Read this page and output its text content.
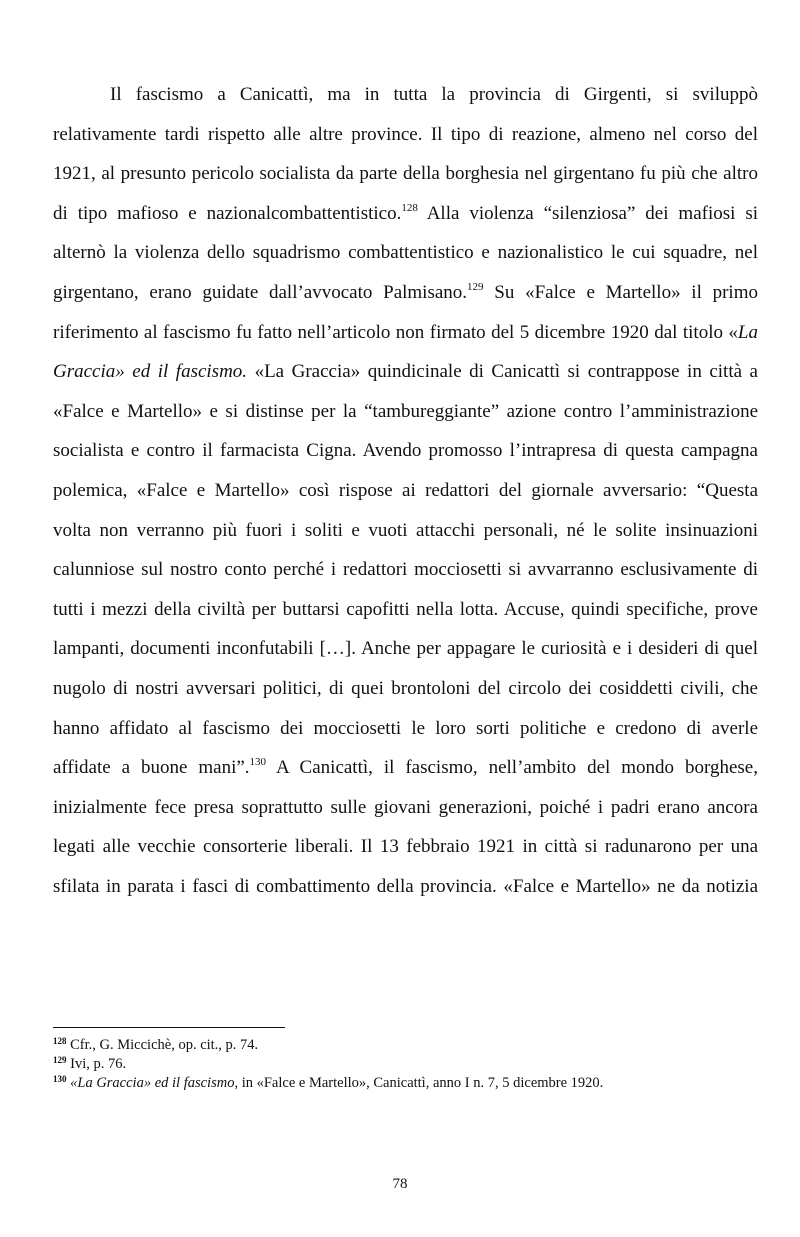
Il fascismo a Canicattì, ma in tutta la provincia di Girgenti, si sviluppò
relativamente tardi rispetto alle altre province. Il tipo di reazione, almeno nel corso del
1921, al presunto pericolo socialista da parte della borghesia nel girgentano fu più che altro
di tipo mafioso e nazionalcombattentistico.$^{128}$ Alla violenza “silenziosa” dei mafiosi si
alternò la violenza dello squadrismo combattentistico e nazionalistico le cui squadre, nel
girgentano, erano guidate dall’avvocato Palmisano.$^{129}$ Su «Falce e Martello» il primo
riferimento al fascismo fu fatto nell’articolo non firmato del 5 dicembre 1920 dal titolo «La
Graccia» ed il fascismo. «La Graccia» quindicinale di Canicattì si contrappose in città a
«Falce e Martello» e si distinse per la “tambureggiante” azione contro l’amministrazione
socialista e contro il farmacista Cigna. Avendo promosso l’intrapresa di questa campagna
polemica, «Falce e Martello» così rispose ai redattori del giornale avversario: “Questa
volta non verranno più fuori i soliti e vuoti attacchi personali, né le solite insinuazioni
calunniose sul nostro conto perché i redattori mocciosetti si avvarranno esclusivamente di
tutti i mezzi della civiltà per buttarsi capofitti nella lotta. Accuse, quindi specifiche, prove
lampanti, documenti inconfutabili […]. Anche per appagare le curiosità e i desideri di quel
nugolo di nostri avversari politici, di quei brontoloni del circolo dei cosiddetti civili, che
hanno affidato al fascismo dei mocciosetti le loro sorti politiche e credono di averle
affidate a buone mani”.$^{130}$ A Canicattì, il fascismo, nell’ambito del mondo borghese,
inizialmente fece presa soprattutto sulle giovani generazioni, poiché i padri erano ancora
legati alle vecchie consorterie liberali. Il 13 febbraio 1921 in città si radunarono per una
sfilata in parata i fasci di combattimento della provincia. «Falce e Martello» ne da notizia
$^{128}$ Cfr., G. Miccichè, op. cit., p. 74.
$^{129}$ Ivi, p. 76.
$^{130}$ «La Graccia» ed il fascismo, in «Falce e Martello», Canicattì, anno I n. 7, 5 dicembre 1920.
78
